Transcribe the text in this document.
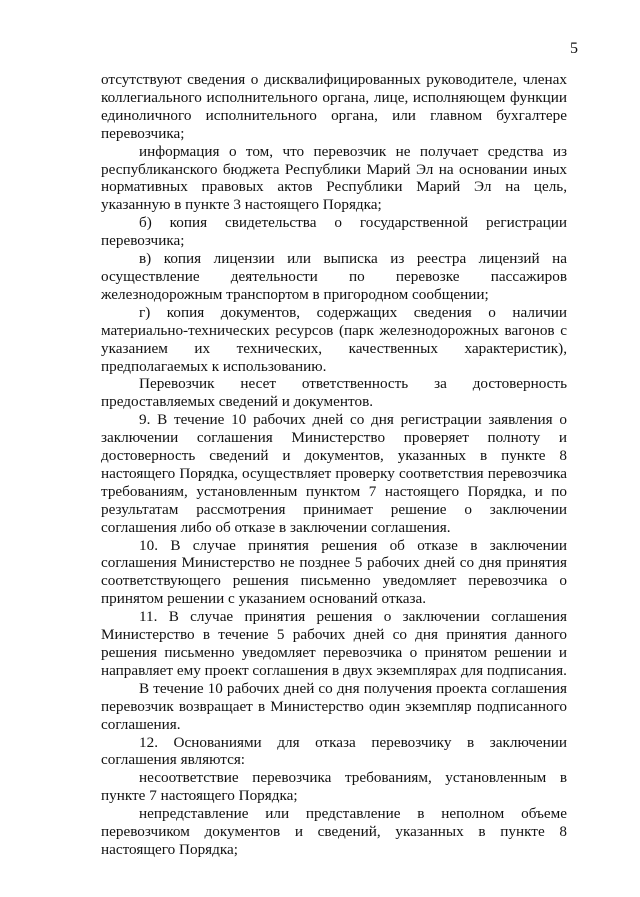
5

отсутствуют сведения о дисквалифицированных руководителе, членах коллегиального исполнительного органа, лице, исполняющем функции единоличного исполнительного органа, или главном бухгалтере перевозчика;

информация о том, что перевозчик не получает средства из республиканского бюджета Республики Марий Эл на основании иных нормативных правовых актов Республики Марий Эл на цель, указанную в пункте 3 настоящего Порядка;

б) копия свидетельства о государственной регистрации перевозчика;

в) копия лицензии или выписка из реестра лицензий на осуществление деятельности по перевозке пассажиров железнодорожным транспортом в пригородном сообщении;

г) копия документов, содержащих сведения о наличии материально-технических ресурсов (парк железнодорожных вагонов с указанием их технических, качественных характеристик), предполагаемых к использованию.

Перевозчик несет ответственность за достоверность предоставляемых сведений и документов.

9. В течение 10 рабочих дней со дня регистрации заявления о заключении соглашения Министерство проверяет полноту и достоверность сведений и документов, указанных в пункте 8 настоящего Порядка, осуществляет проверку соответствия перевозчика требованиям, установленным пунктом 7 настоящего Порядка, и по результатам рассмотрения принимает решение о заключении соглашения либо об отказе в заключении соглашения.

10. В случае принятия решения об отказе в заключении соглашения Министерство не позднее 5 рабочих дней со дня принятия соответствующего решения письменно уведомляет перевозчика о принятом решении с указанием оснований отказа.

11. В случае принятия решения о заключении соглашения Министерство в течение 5 рабочих дней со дня принятия данного решения письменно уведомляет перевозчика о принятом решении и направляет ему проект соглашения в двух экземплярах для подписания.

В течение 10 рабочих дней со дня получения проекта соглашения перевозчик возвращает в Министерство один экземпляр подписанного соглашения.

12. Основаниями для отказа перевозчику в заключении соглашения являются:

несоответствие перевозчика требованиям, установленным в пункте 7 настоящего Порядка;

непредставление или представление в неполном объеме перевозчиком документов и сведений, указанных в пункте 8 настоящего Порядка;
